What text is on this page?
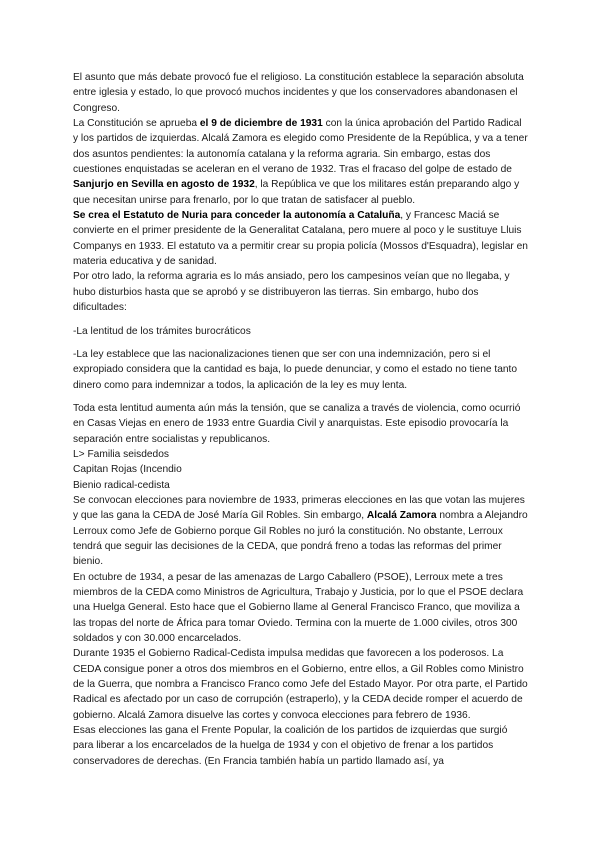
El asunto que más debate provocó fue el religioso. La constitución establece la separación absoluta entre iglesia y estado, lo que provocó muchos incidentes y que los conservadores abandonasen el Congreso.

La Constitución se aprueba el 9 de diciembre de 1931 con la única aprobación del Partido Radical y los partidos de izquierdas. Alcalá Zamora es elegido como Presidente de la República, y va a tener dos asuntos pendientes: la autonomía catalana y la reforma agraria. Sin embargo, estas dos cuestiones enquistadas se aceleran en el verano de 1932. Tras el fracaso del golpe de estado de Sanjurjo en Sevilla en agosto de 1932, la República ve que los militares están preparando algo y que necesitan unirse para frenarlo, por lo que tratan de satisfacer al pueblo.

Se crea el Estatuto de Nuria para conceder la autonomía a Cataluña, y Francesc Maciá se convierte en el primer presidente de la Generalitat Catalana, pero muere al poco y le sustituye Lluis Companys en 1933. El estatuto va a permitir crear su propia policía (Mossos d'Esquadra), legislar en materia educativa y de sanidad.

Por otro lado, la reforma agraria es lo más ansiado, pero los campesinos veían que no llegaba, y hubo disturbios hasta que se aprobó y se distribuyeron las tierras. Sin embargo, hubo dos dificultades:

-La lentitud de los trámites burocráticos

-La ley establece que las nacionalizaciones tienen que ser con una indemnización, pero si el expropiado considera que la cantidad es baja, lo puede denunciar, y como el estado no tiene tanto dinero como para indemnizar a todos, la aplicación de la ley es muy lenta.

Toda esta lentitud aumenta aún más la tensión, que se canaliza a través de violencia, como ocurrió en Casas Viejas en enero de 1933 entre Guardia Civil y anarquistas. Este episodio provocaría la separación entre socialistas y republicanos.

L> Familia seisdedos

Capitan Rojas (Incendio

Bienio radical-cedista

Se convocan elecciones para noviembre de 1933, primeras elecciones en las que votan las mujeres y que las gana la CEDA de José María Gil Robles. Sin embargo, Alcalá Zamora nombra a Alejandro Lerroux como Jefe de Gobierno porque Gil Robles no juró la constitución. No obstante, Lerroux tendrá que seguir las decisiones de la CEDA, que pondrá freno a todas las reformas del primer bienio.

En octubre de 1934, a pesar de las amenazas de Largo Caballero (PSOE), Lerroux mete a tres miembros de la CEDA como Ministros de Agricultura, Trabajo y Justicia, por lo que el PSOE declara una Huelga General. Esto hace que el Gobierno llame al General Francisco Franco, que moviliza a las tropas del norte de África para tomar Oviedo. Termina con la muerte de 1.000 civiles, otros 300 soldados y con 30.000 encarcelados.

Durante 1935 el Gobierno Radical-Cedista impulsa medidas que favorecen a los poderosos. La CEDA consigue poner a otros dos miembros en el Gobierno, entre ellos, a Gil Robles como Ministro de la Guerra, que nombra a Francisco Franco como Jefe del Estado Mayor. Por otra parte, el Partido Radical es afectado por un caso de corrupción (estraperlo), y la CEDA decide romper el acuerdo de gobierno. Alcalá Zamora disuelve las cortes y convoca elecciones para febrero de 1936.

Esas elecciones las gana el Frente Popular, la coalición de los partidos de izquierdas que surgió para liberar a los encarcelados de la huelga de 1934 y con el objetivo de frenar a los partidos conservadores de derechas. (En Francia también había un partido llamado así, ya
